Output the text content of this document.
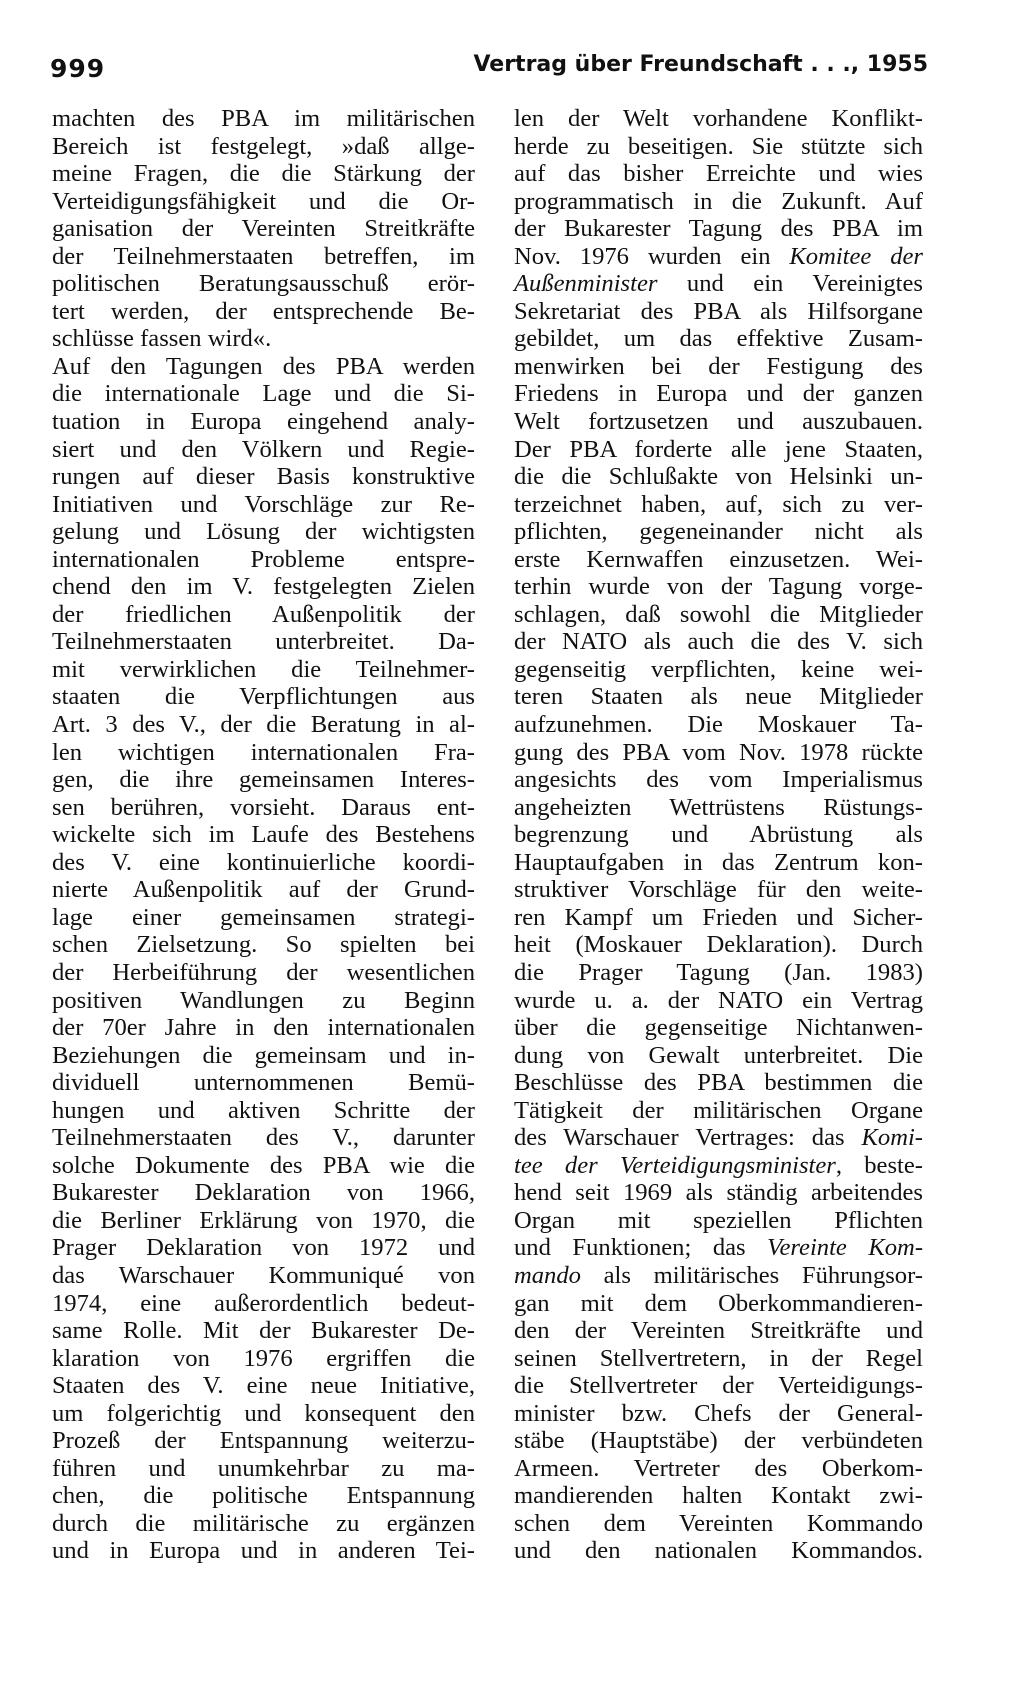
999	Vertrag über Freundschaft . . ., 1955
machten des PBA im militärischen
Bereich ist festgelegt, »daß allge-
meine Fragen, die die Stärkung der
Verteidigungsfähigkeit und die Or-
ganisation der Vereinten Streitkräfte
der Teilnehmerstaaten betreffen, im
politischen Beratungsausschuß erör-
tert werden, der entsprechende Be-
schlüsse fassen wird«.
Auf den Tagungen des PBA werden
die internationale Lage und die Si-
tuation in Europa eingehend analy-
siert und den Völkern und Regie-
rungen auf dieser Basis konstruktive
Initiativen und Vorschläge zur Re-
gelung und Lösung der wichtigsten
internationalen Probleme entspre-
chend den im V. festgelegten Zielen
der friedlichen Außenpolitik der
Teilnehmerstaaten unterbreitet. Da-
mit verwirklichen die Teilnehmer-
staaten die Verpflichtungen aus
Art. 3 des V., der die Beratung in al-
len wichtigen internationalen Fra-
gen, die ihre gemeinsamen Interes-
sen berühren, vorsieht. Daraus ent-
wickelte sich im Laufe des Bestehens
des V. eine kontinuierliche koordi-
nierte Außenpolitik auf der Grund-
lage einer gemeinsamen strategi-
schen Zielsetzung. So spielten bei
der Herbeiführung der wesentlichen
positiven Wandlungen zu Beginn
der 70er Jahre in den internationalen
Beziehungen die gemeinsam und in-
dividuell unternommenen Bemü-
hungen und aktiven Schritte der
Teilnehmerstaaten des V., darunter
solche Dokumente des PBA wie die
Bukarester Deklaration von 1966,
die Berliner Erklärung von 1970, die
Prager Deklaration von 1972 und
das Warschauer Kommuniqué von
1974, eine außerordentlich bedeut-
same Rolle. Mit der Bukarester De-
klaration von 1976 ergriffen die
Staaten des V. eine neue Initiative,
um folgerichtig und konsequent den
Prozeß der Entspannung weiterzu-
führen und unumkehrbar zu ma-
chen, die politische Entspannung
durch die militärische zu ergänzen
und in Europa und in anderen Tei-
len der Welt vorhandene Konflikt-
herde zu beseitigen. Sie stützte sich
auf das bisher Erreichte und wies
programmatisch in die Zukunft. Auf
der Bukarester Tagung des PBA im
Nov. 1976 wurden ein Komitee der
Außenminister und ein Vereinigtes
Sekretariat des PBA als Hilfsorgane
gebildet, um das effektive Zusam-
menwirken bei der Festigung des
Friedens in Europa und der ganzen
Welt fortzusetzen und auszubauen.
Der PBA forderte alle jene Staaten,
die die Schlußakte von Helsinki un-
terzeichnet haben, auf, sich zu ver-
pflichten, gegeneinander nicht als
erste Kernwaffen einzusetzen. Wei-
terhin wurde von der Tagung vorge-
schlagen, daß sowohl die Mitglieder
der NATO als auch die des V. sich
gegenseitig verpflichten, keine wei-
teren Staaten als neue Mitglieder
aufzunehmen. Die Moskauer Ta-
gung des PBA vom Nov. 1978 rückte
angesichts des vom Imperialismus
angeheizten Wettrüstens Rüstungs-
begrenzung und Abrüstung als
Hauptaufgaben in das Zentrum kon-
struktiver Vorschläge für den weite-
ren Kampf um Frieden und Sicher-
heit (Moskauer Deklaration). Durch
die Prager Tagung (Jan. 1983)
wurde u. a. der NATO ein Vertrag
über die gegenseitige Nichtanwen-
dung von Gewalt unterbreitet. Die
Beschlüsse des PBA bestimmen die
Tätigkeit der militärischen Organe
des Warschauer Vertrages: das Komi-
tee der Verteidigungsminister, beste-
hend seit 1969 als ständig arbeitendes
Organ mit speziellen Pflichten
und Funktionen; das Vereinte Kom-
mando als militärisches Führungsor-
gan mit dem Oberkommandieren-
den der Vereinten Streitkräfte und
seinen Stellvertretern, in der Regel
die Stellvertreter der Verteidigungs-
minister bzw. Chefs der General-
stäbe (Hauptstäbe) der verbündeten
Armeen. Vertreter des Oberkom-
mandierenden halten Kontakt zwi-
schen dem Vereinten Kommando
und den nationalen Kommandos.
